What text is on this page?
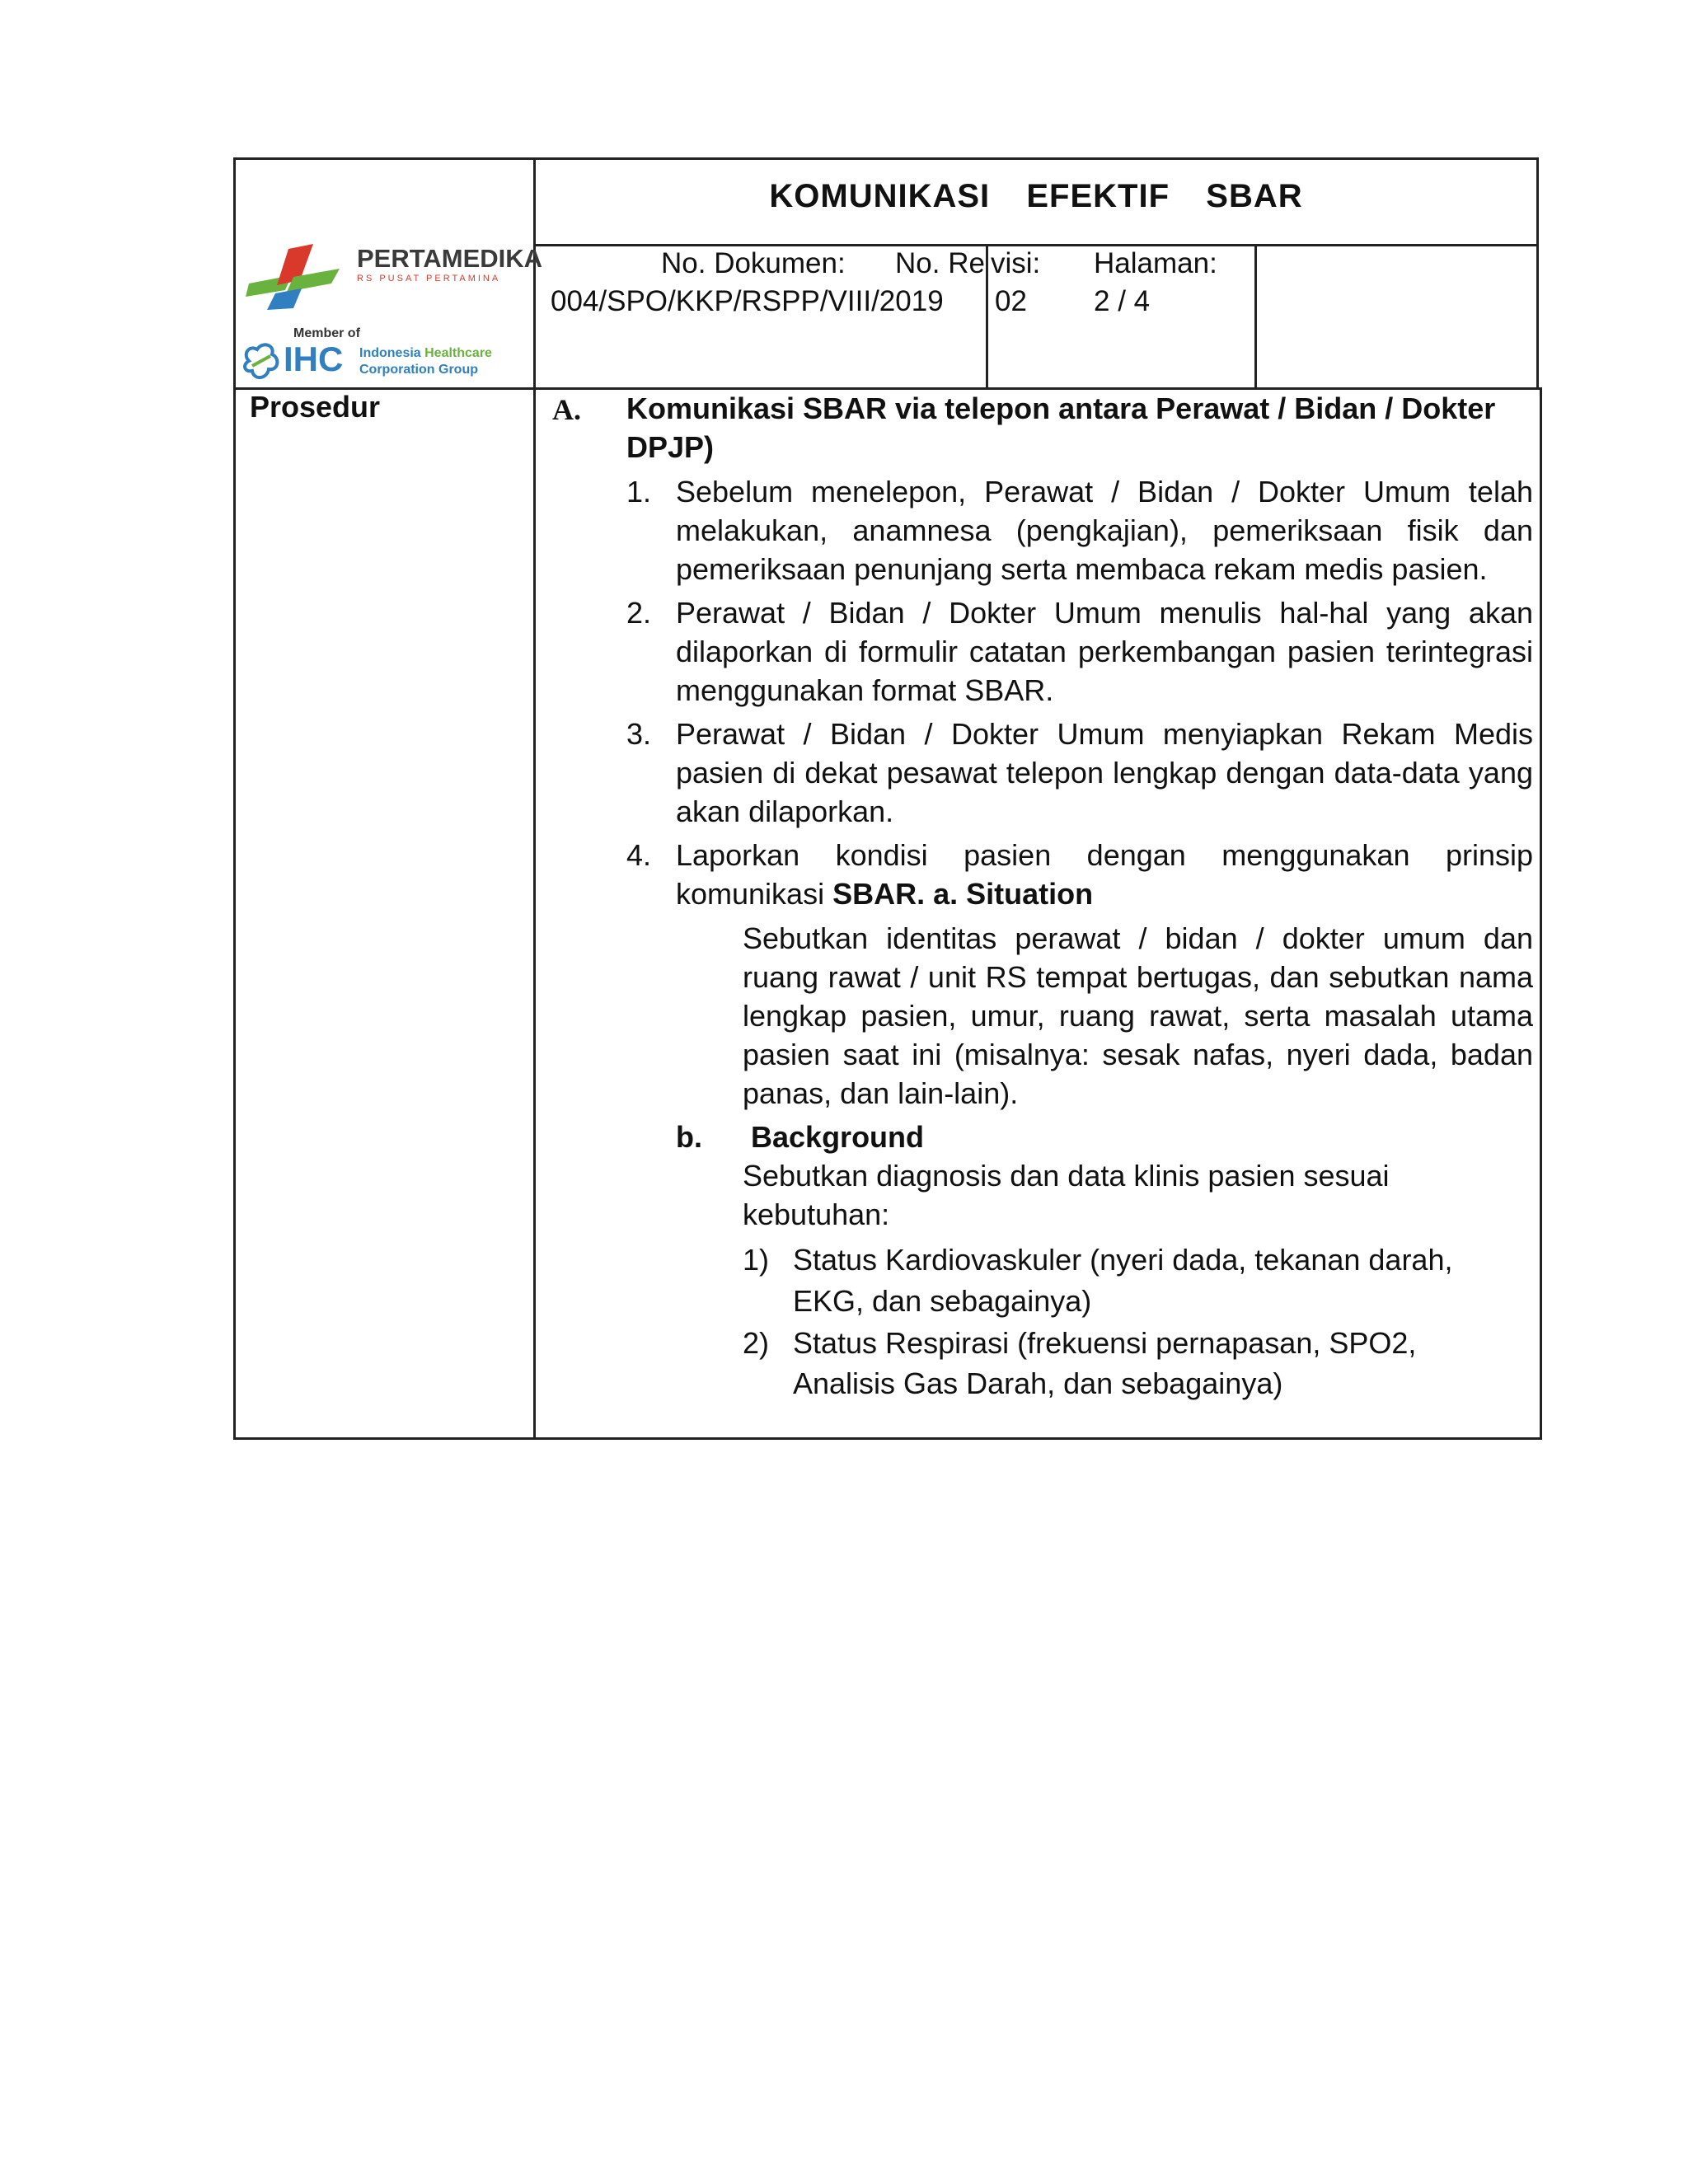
PERTAMEDIKA
RS PUSAT PERTAMINA
Member of
IHC Indonesia Healthcare
Corporation Group
KOMUNIKASI  EFEKTIF  SBAR
No. Dokumen:
004/SPO/KKP/RSPP/VIII/2019
No. Re visi:
02
Halaman:
2 / 4
Prosedur	A. Komunikasi SBAR via telepon antara Perawat / Bidan / Dokter
DPJP)
1. Sebelum menelepon, Perawat / Bidan / Dokter Umum telah
melakukan, anamnesa (pengkajian), pemeriksaan fisik dan
pemeriksaan penunjang serta membaca rekam medis pasien.
2. Perawat / Bidan / Dokter Umum menulis hal-hal yang akan
dilaporkan di formulir catatan perkembangan pasien terintegrasi
menggunakan format SBAR.
3. Perawat / Bidan / Dokter Umum menyiapkan Rekam Medis
pasien di dekat pesawat telepon lengkap dengan data-data yang
akan dilaporkan.
4. Laporkan kondisi pasien dengan menggunakan prinsip
komunikasi SBAR. a. Situation
Sebutkan identitas perawat / bidan / dokter umum dan
ruang rawat / unit RS tempat bertugas, dan sebutkan nama
lengkap pasien, umur, ruang rawat, serta masalah utama
pasien saat ini (misalnya: sesak nafas, nyeri dada, badan
panas, dan lain-lain).
b. Background
Sebutkan diagnosis dan data klinis pasien sesuai
kebutuhan:
1) Status Kardiovaskuler (nyeri dada, tekanan darah,
EKG, dan sebagainya)
2) Status Respirasi (frekuensi pernapasan, SPO2,
Analisis Gas Darah, dan sebagainya)
